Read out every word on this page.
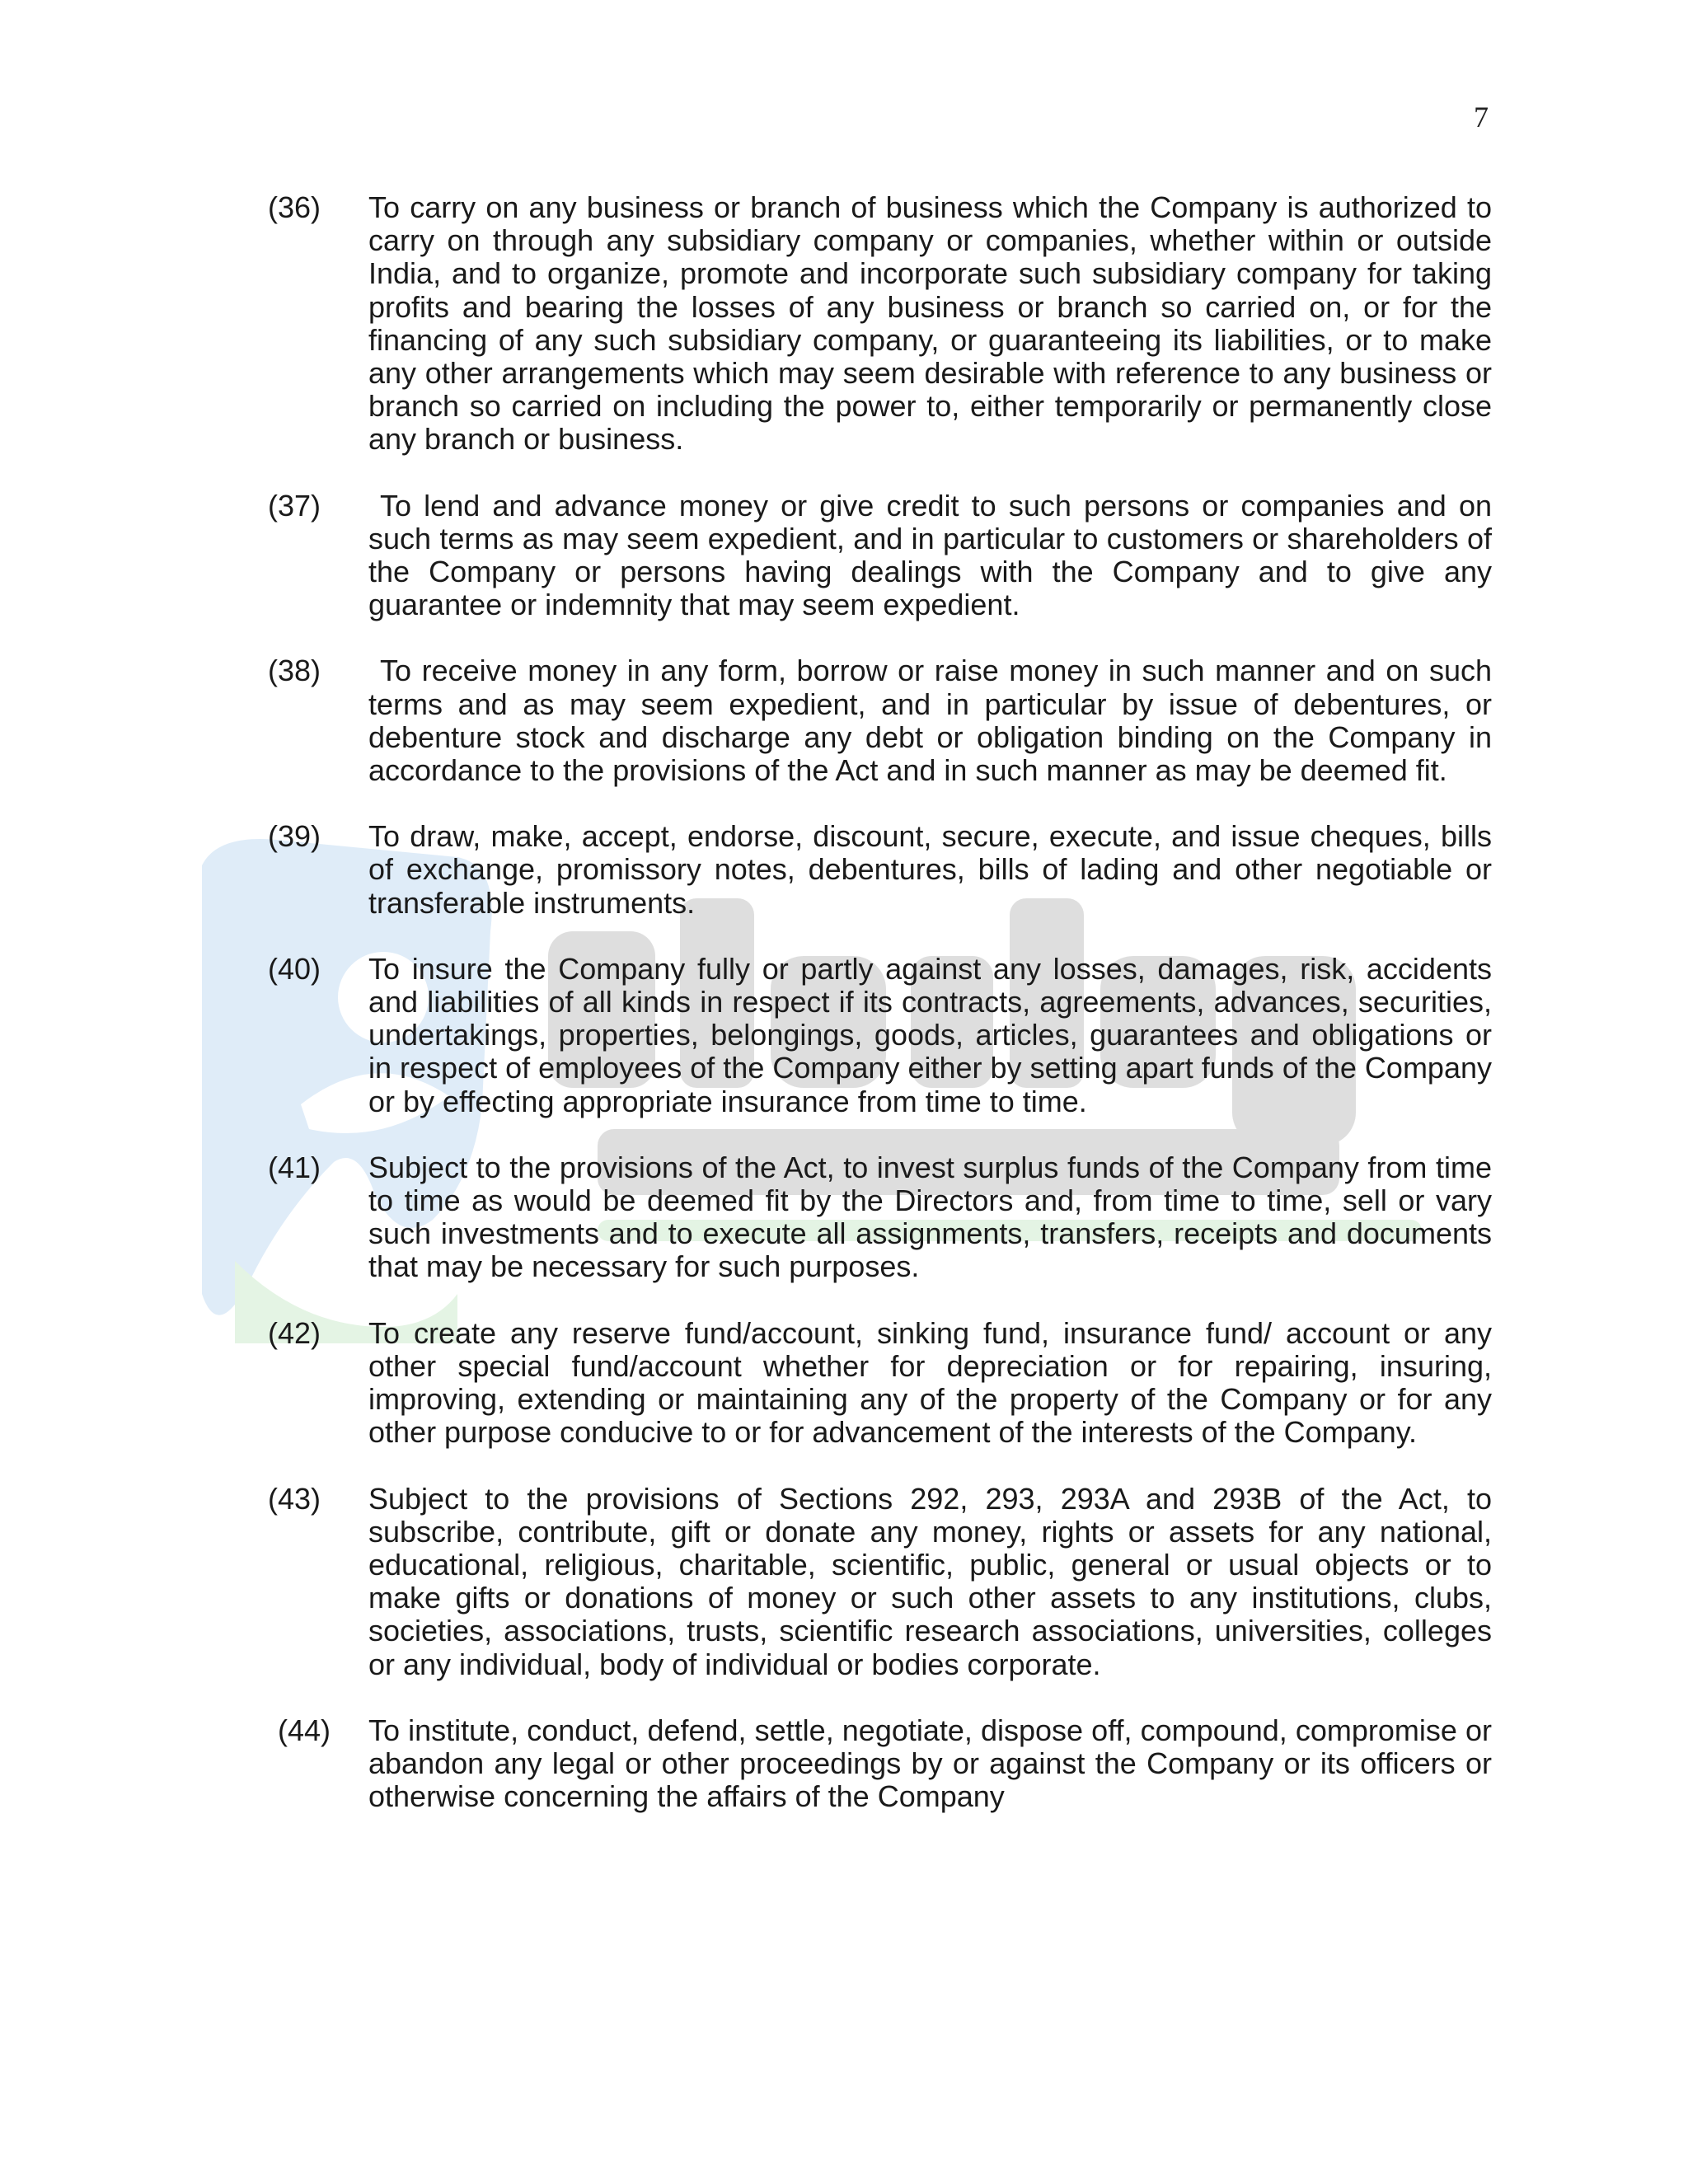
7
(36)	To carry on any business or branch of business which the Company is authorized to carry on through any subsidiary company or companies, whether within or outside India, and to organize, promote and incorporate such subsidiary company for taking profits and bearing the losses of any business or branch so carried on, or for the financing of any such subsidiary company, or guaranteeing its liabilities, or to make any other arrangements which may seem desirable with reference to any business or branch so carried on including the power to, either temporarily or permanently close any branch or business.
(37)	To lend and advance money or give credit to such persons or companies and on such terms as may seem expedient, and in particular to customers or shareholders of the Company or persons having dealings with the Company and to give any guarantee or indemnity that may seem expedient.
(38)	To receive money in any form, borrow or raise money in such manner and on such terms and as may seem expedient, and in particular by issue of debentures, or debenture stock and discharge any debt or obligation binding on the Company in accordance to the provisions of the Act and in such manner as may be deemed fit.
(39)	To draw, make, accept, endorse, discount, secure, execute, and issue cheques, bills of exchange, promissory notes, debentures, bills of lading and other negotiable or transferable instruments.
(40)	To insure the Company fully or partly against any losses, damages, risk, accidents and liabilities of all kinds in respect if its contracts, agreements, advances, securities, undertakings, properties, belongings, goods, articles, guarantees and obligations or in respect of employees of the Company either by setting apart funds of the Company or by effecting appropriate insurance from time to time.
(41)	Subject to the provisions of the Act, to invest surplus funds of the Company from time to time as would be deemed fit by the Directors and, from time to time, sell or vary such investments and to execute all assignments, transfers, receipts and documents that may be necessary for such purposes.
(42)	To create any reserve fund/account, sinking fund, insurance fund/ account or any other special fund/account whether for depreciation or for repairing, insuring, improving, extending or maintaining any of the property of the Company or for any other purpose conducive to or for advancement of the interests of the Company.
(43)	Subject to the provisions of Sections 292, 293, 293A and 293B of the Act, to subscribe, contribute, gift or donate any money, rights or assets for any national, educational, religious, charitable, scientific, public, general or usual objects or to make gifts or donations of money or such other assets to any institutions, clubs, societies, associations, trusts, scientific research associations, universities, colleges or any individual, body of individual or bodies corporate.
(44)	To institute, conduct, defend, settle, negotiate, dispose off, compound, compromise or abandon any legal or other proceedings by or against the Company or its officers or otherwise concerning the affairs of the Company
